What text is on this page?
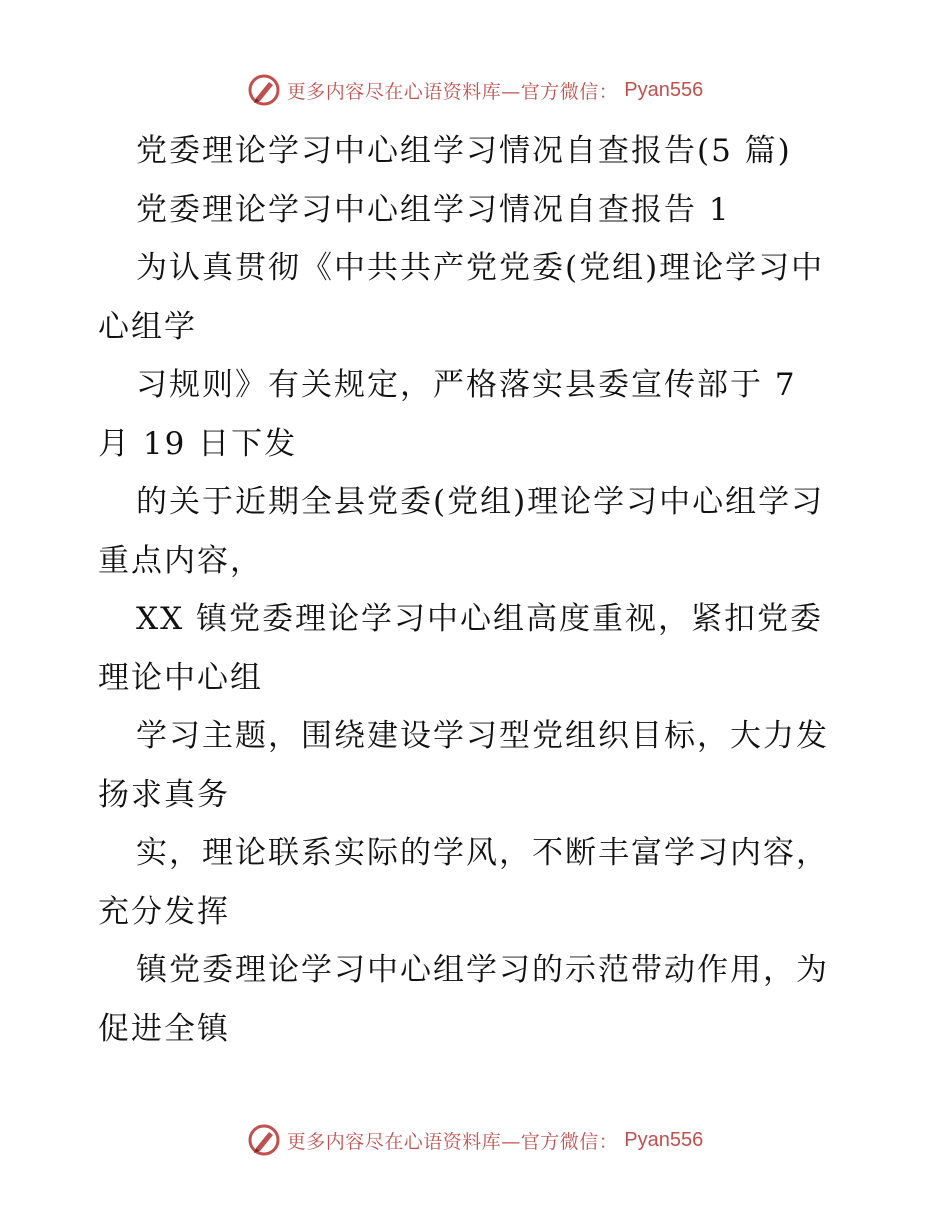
更多内容尽在心语资料库—官方微信： Pyan556
党委理论学习中心组学习情况自查报告(5 篇)
党委理论学习中心组学习情况自查报告 1
为认真贯彻《中共共产党党委(党组)理论学习中
心组学
习规则》有关规定，严格落实县委宣传部于 7
月 19 日下发
的关于近期全县党委(党组)理论学习中心组学习
重点内容，
XX 镇党委理论学习中心组高度重视，紧扣党委
理论中心组
学习主题，围绕建设学习型党组织目标，大力发
扬求真务
实，理论联系实际的学风，不断丰富学习内容，
充分发挥
镇党委理论学习中心组学习的示范带动作用，为
促进全镇
更多内容尽在心语资料库—官方微信： Pyan556
